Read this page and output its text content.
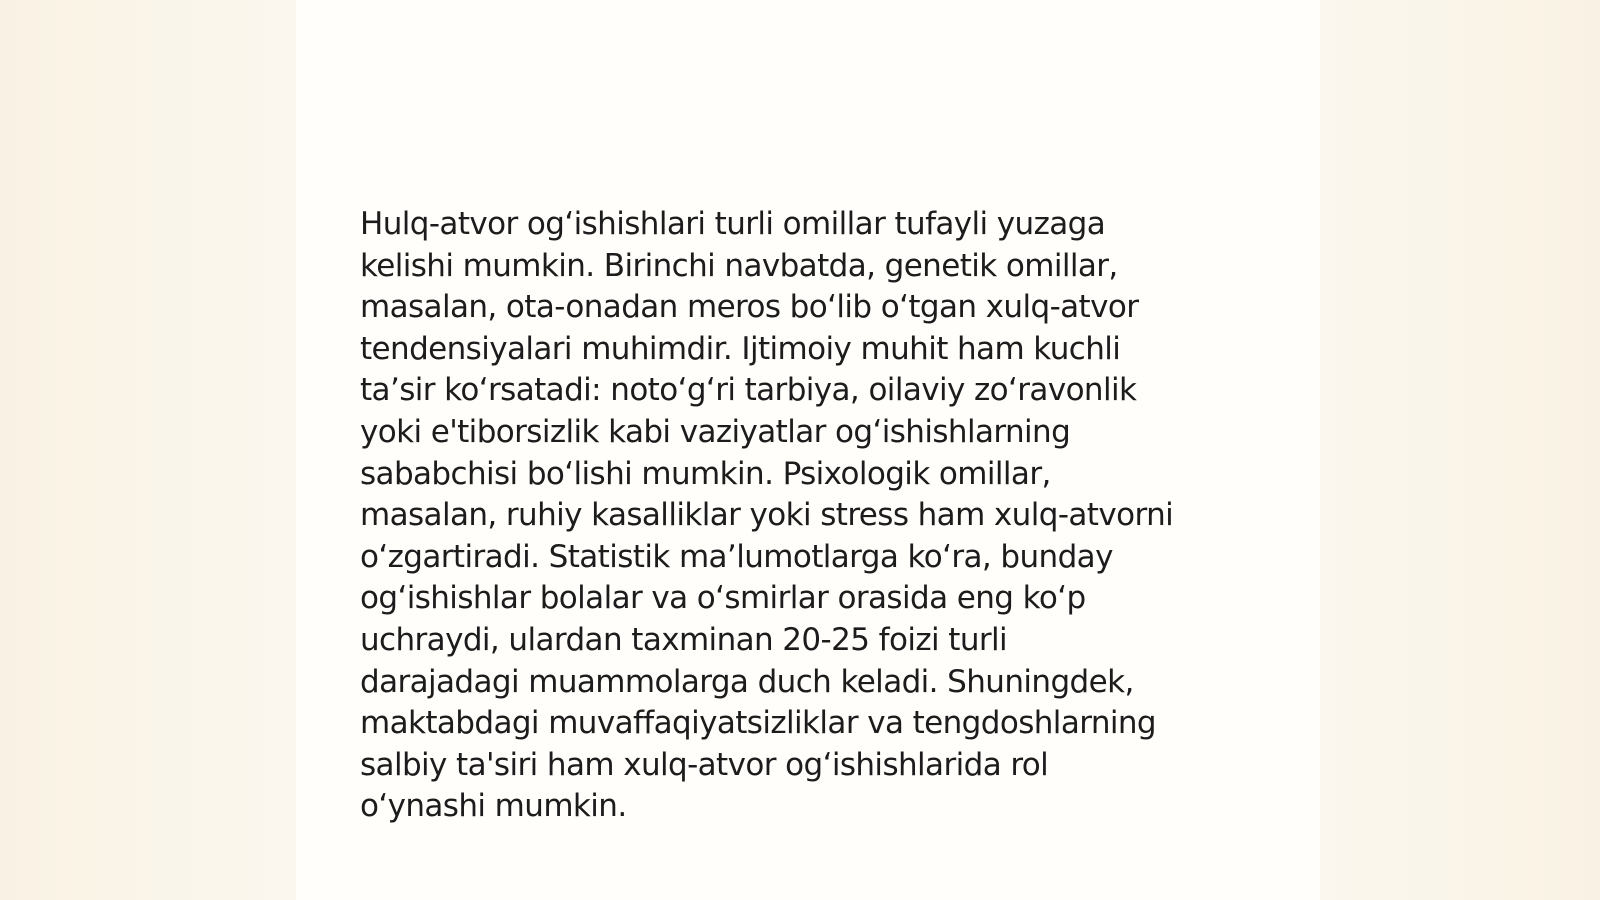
Hulq-atvor og‘ishishlari turli omillar tufayli yuzaga
kelishi mumkin. Birinchi navbatda, genetik omillar,
masalan, ota-onadan meros bo‘lib o‘tgan xulq-atvor
tendensiyalari muhimdir. Ijtimoiy muhit ham kuchli
ta’sir ko‘rsatadi: noto‘g‘ri tarbiya, oilaviy zo‘ravonlik
yoki e'tiborsizlik kabi vaziyatlar og‘ishishlarning
sababchisi bo‘lishi mumkin. Psixologik omillar,
masalan, ruhiy kasalliklar yoki stress ham xulq-atvorni
o‘zgartiradi. Statistik ma’lumotlarga ko‘ra, bunday
og‘ishishlar bolalar va o‘smirlar orasida eng ko‘p
uchraydi, ulardan taxminan 20-25 foizi turli
darajadagi muammolarga duch keladi. Shuningdek,
maktabdagi muvaffaqiyatsizliklar va tengdoshlarning
salbiy ta'siri ham xulq-atvor og‘ishishlarida rol
o‘ynashi mumkin.
